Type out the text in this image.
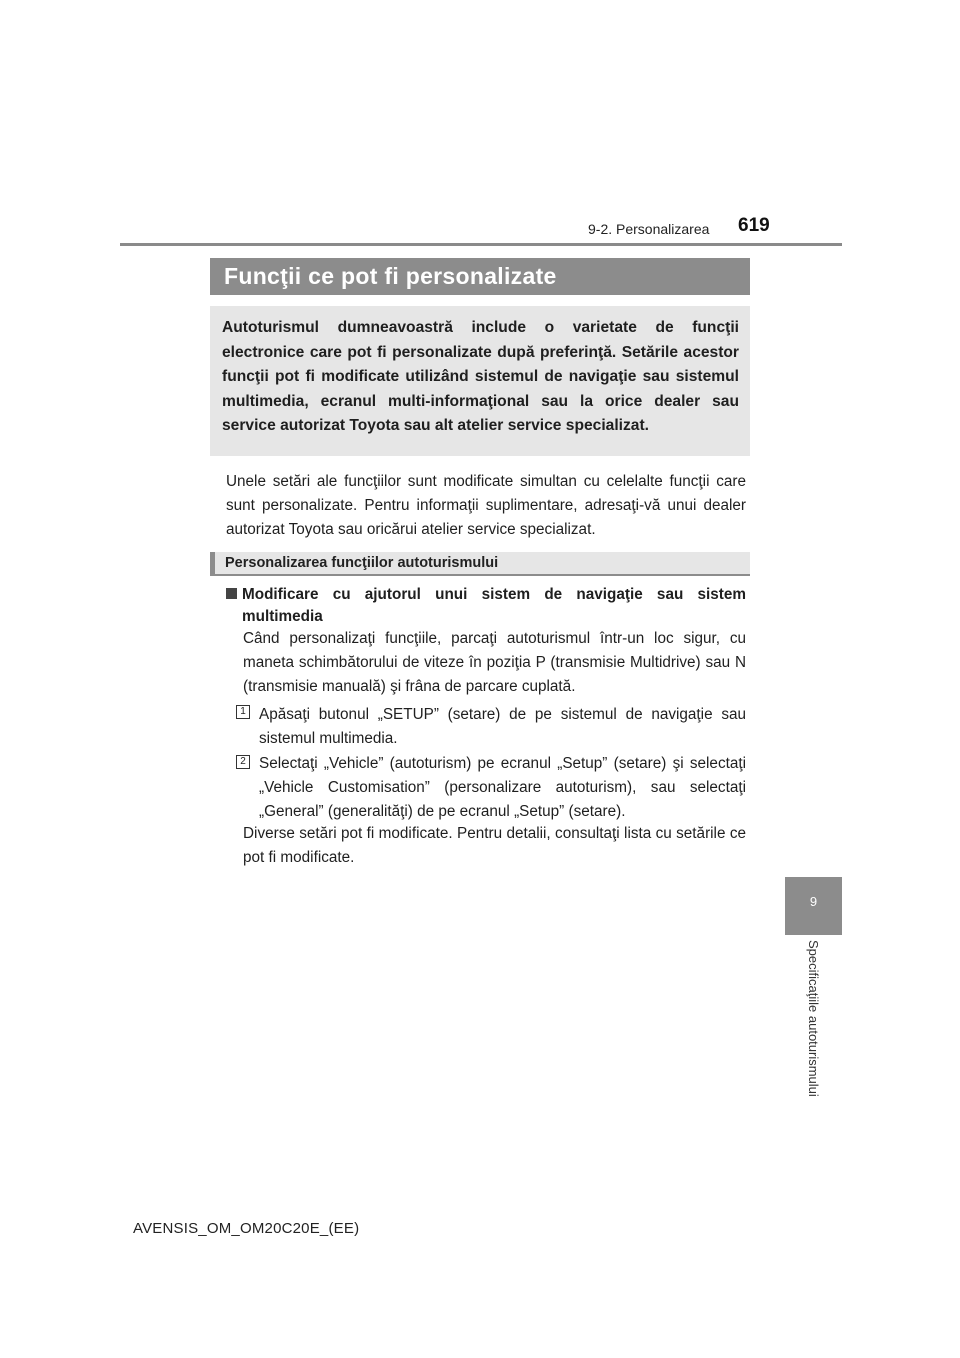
9-2. Personalizarea 619
Funcţii ce pot fi personalizate
Autoturismul dumneavoastră include o varietate de funcţii electronice care pot fi personalizate după preferinţă. Setările acestor funcţii pot fi modificate utilizând sistemul de navigaţie sau sistemul multimedia, ecranul multi-informaţional sau la orice dealer sau service autorizat Toyota sau alt atelier service specializat.
Unele setări ale funcţiilor sunt modificate simultan cu celelalte funcţii care sunt personalizate. Pentru informaţii suplimentare, adresaţi-vă unui dealer autorizat Toyota sau oricărui atelier service specializat.
Personalizarea funcţiilor autoturismului
Modificare cu ajutorul unui sistem de navigaţie sau sistem multimedia
Când personalizaţi funcţiile, parcaţi autoturismul într-un loc sigur, cu maneta schimbătorului de viteze în poziţia P (transmisie Multidrive) sau N (transmisie manuală) şi frâna de parcare cuplată.
1 Apăsaţi butonul „SETUP” (setare) de pe sistemul de navigaţie sau sistemul multimedia.
2 Selectaţi „Vehicle” (autoturism) pe ecranul „Setup” (setare) şi selectaţi „Vehicle Customisation” (personalizare autoturism), sau selectaţi „General” (generalităţi) de pe ecranul „Setup” (setare).
Diverse setări pot fi modificate. Pentru detalii, consultaţi lista cu setările ce pot fi modificate.
9
Specificaţiile autoturismului
AVENSIS_OM_OM20C20E_(EE)
